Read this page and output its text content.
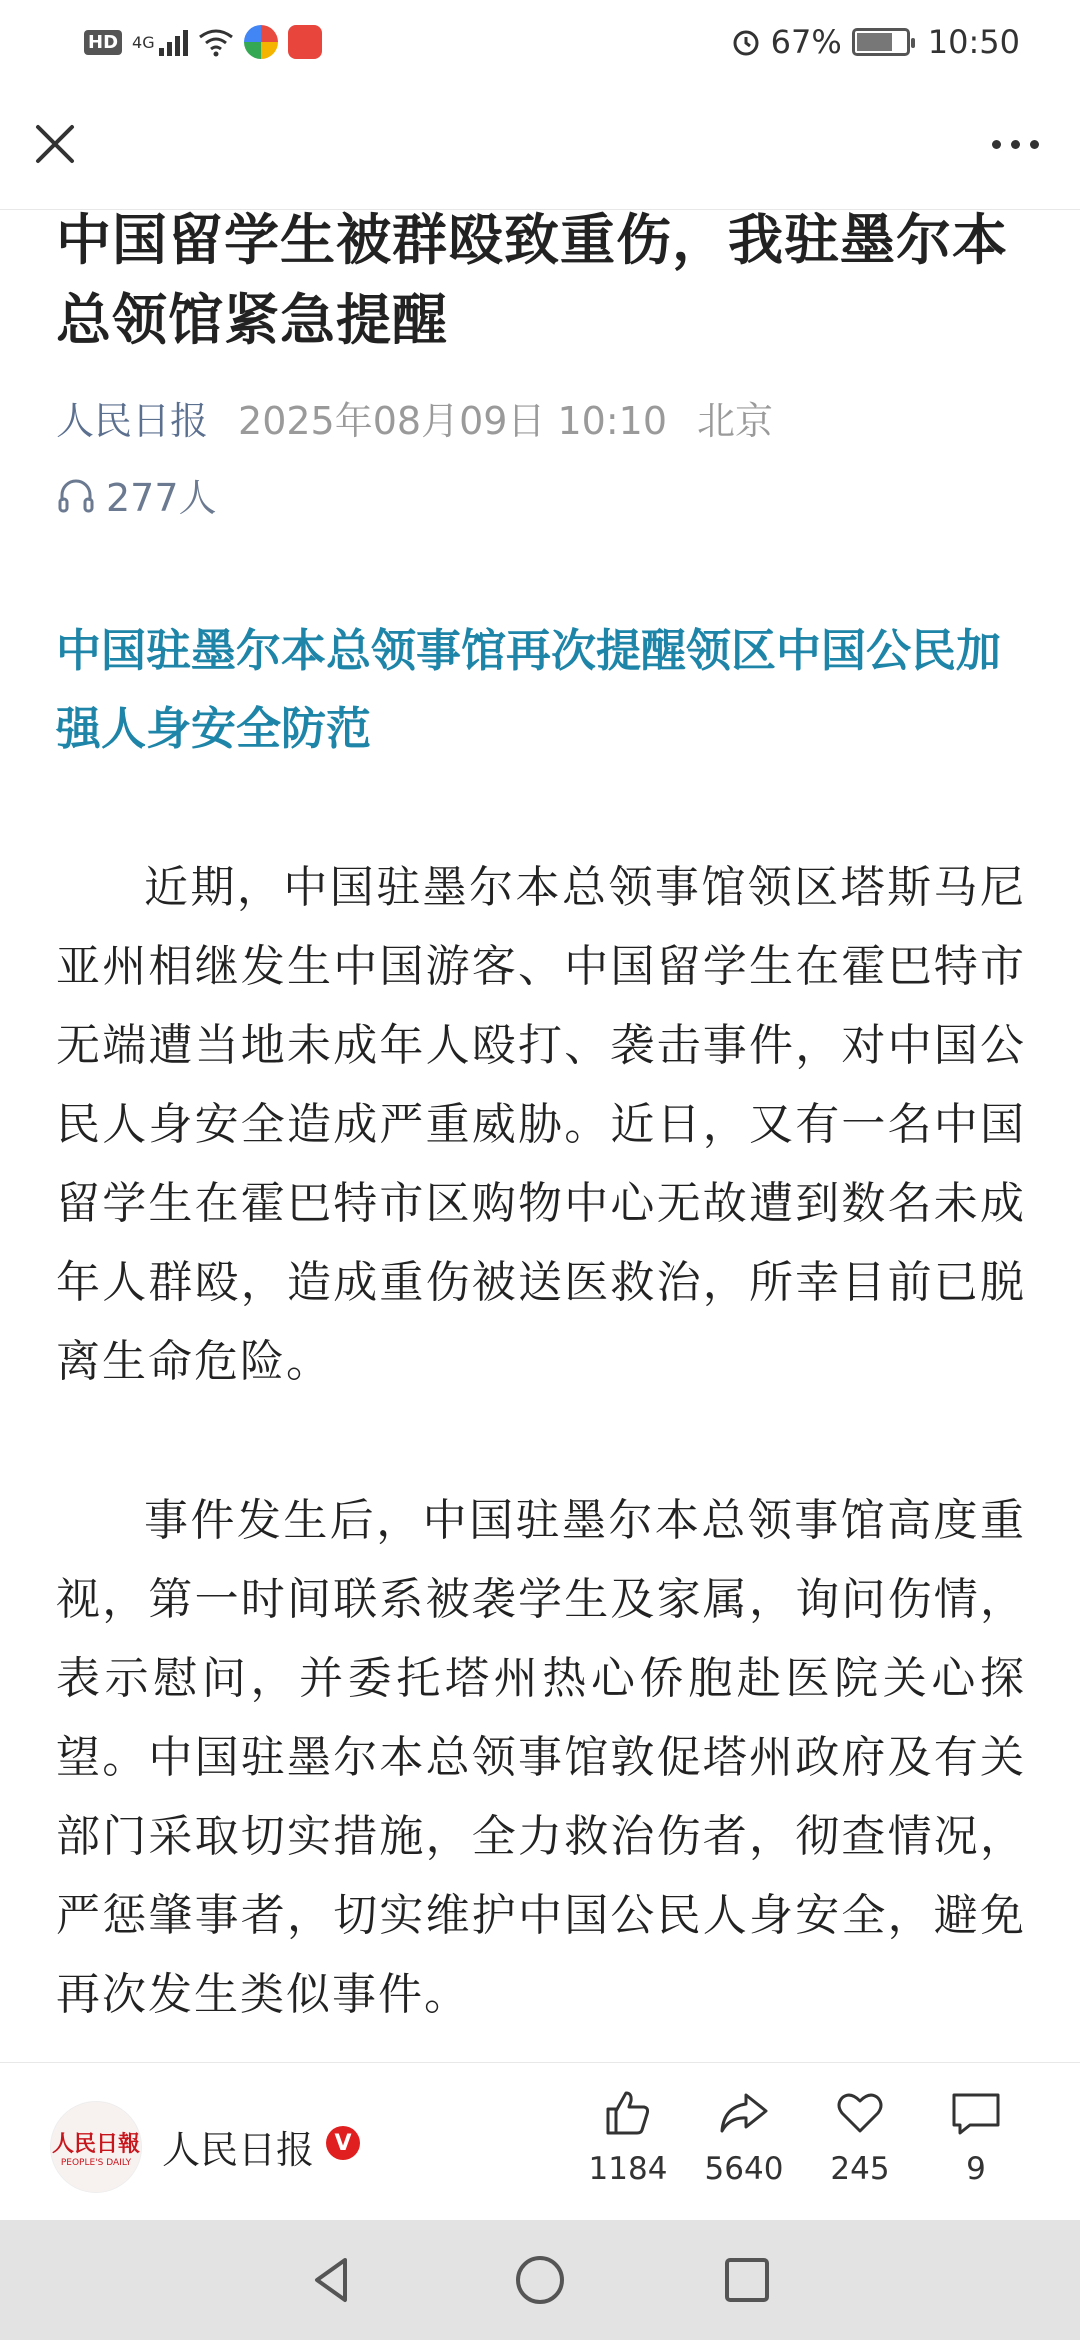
HD 4G	67%	10:50
中国留学生被群殴致重伤，我驻墨尔本总领馆紧急提醒
人民日报 2025年08月09日 10:10 北京
277人
中国驻墨尔本总领事馆再次提醒领区中国公民加强人身安全防范

近期，中国驻墨尔本总领事馆领区塔斯马尼亚州相继发生中国游客、中国留学生在霍巴特市无端遭当地未成年人殴打、袭击事件，对中国公民人身安全造成严重威胁。近日，又有一名中国留学生在霍巴特市区购物中心无故遭到数名未成年人群殴，造成重伤被送医救治，所幸目前已脱离生命危险。

事件发生后，中国驻墨尔本总领事馆高度重视，第一时间联系被袭学生及家属，询问伤情，表示慰问，并委托塔州热心侨胞赴医院关心探望。中国驻墨尔本总领事馆敦促塔州政府及有关部门采取切实措施，全力救治伤者，彻查情况，严惩肇事者，切实维护中国公民人身安全，避免再次发生类似事件。

人民日報
PEOPLE'S DAILY 人民日报 V
1184 5640 245 9
